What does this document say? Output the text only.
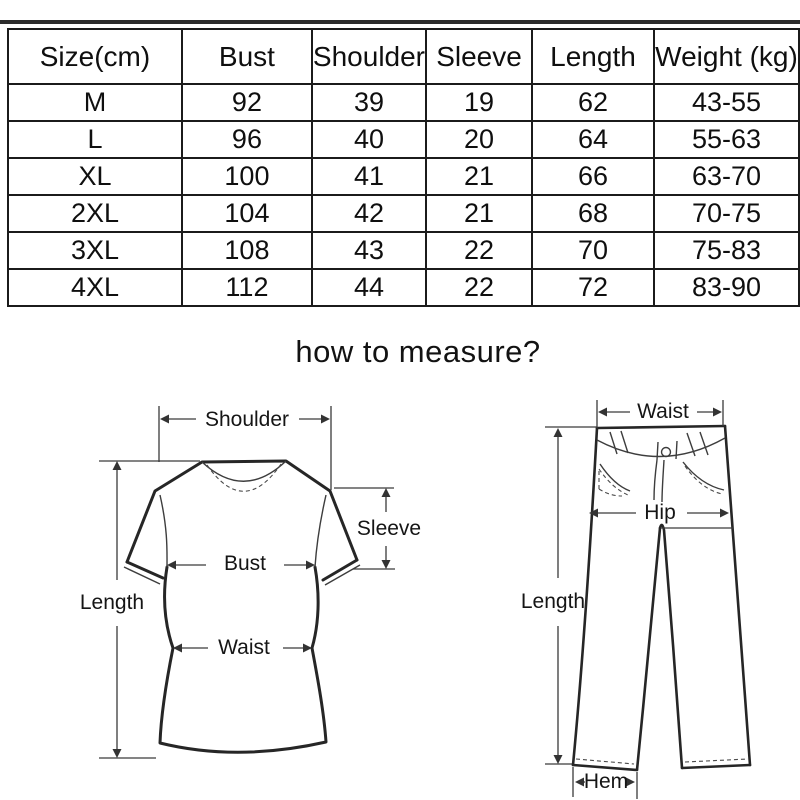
Size(cm)	Bust	Shoulder	Sleeve	Length	Weight (kg)
M	92	39	19	62	43-55
L	96	40	20	64	55-63
XL	100	41	21	66	63-70
2XL	104	42	21	68	70-75
3XL	108	43	22	70	75-83
4XL	112	44	22	72	83-90
how to measure?
Shoulder
Sleeve
Bust
Waist
Length
Waist
Hip
Length
Hem
